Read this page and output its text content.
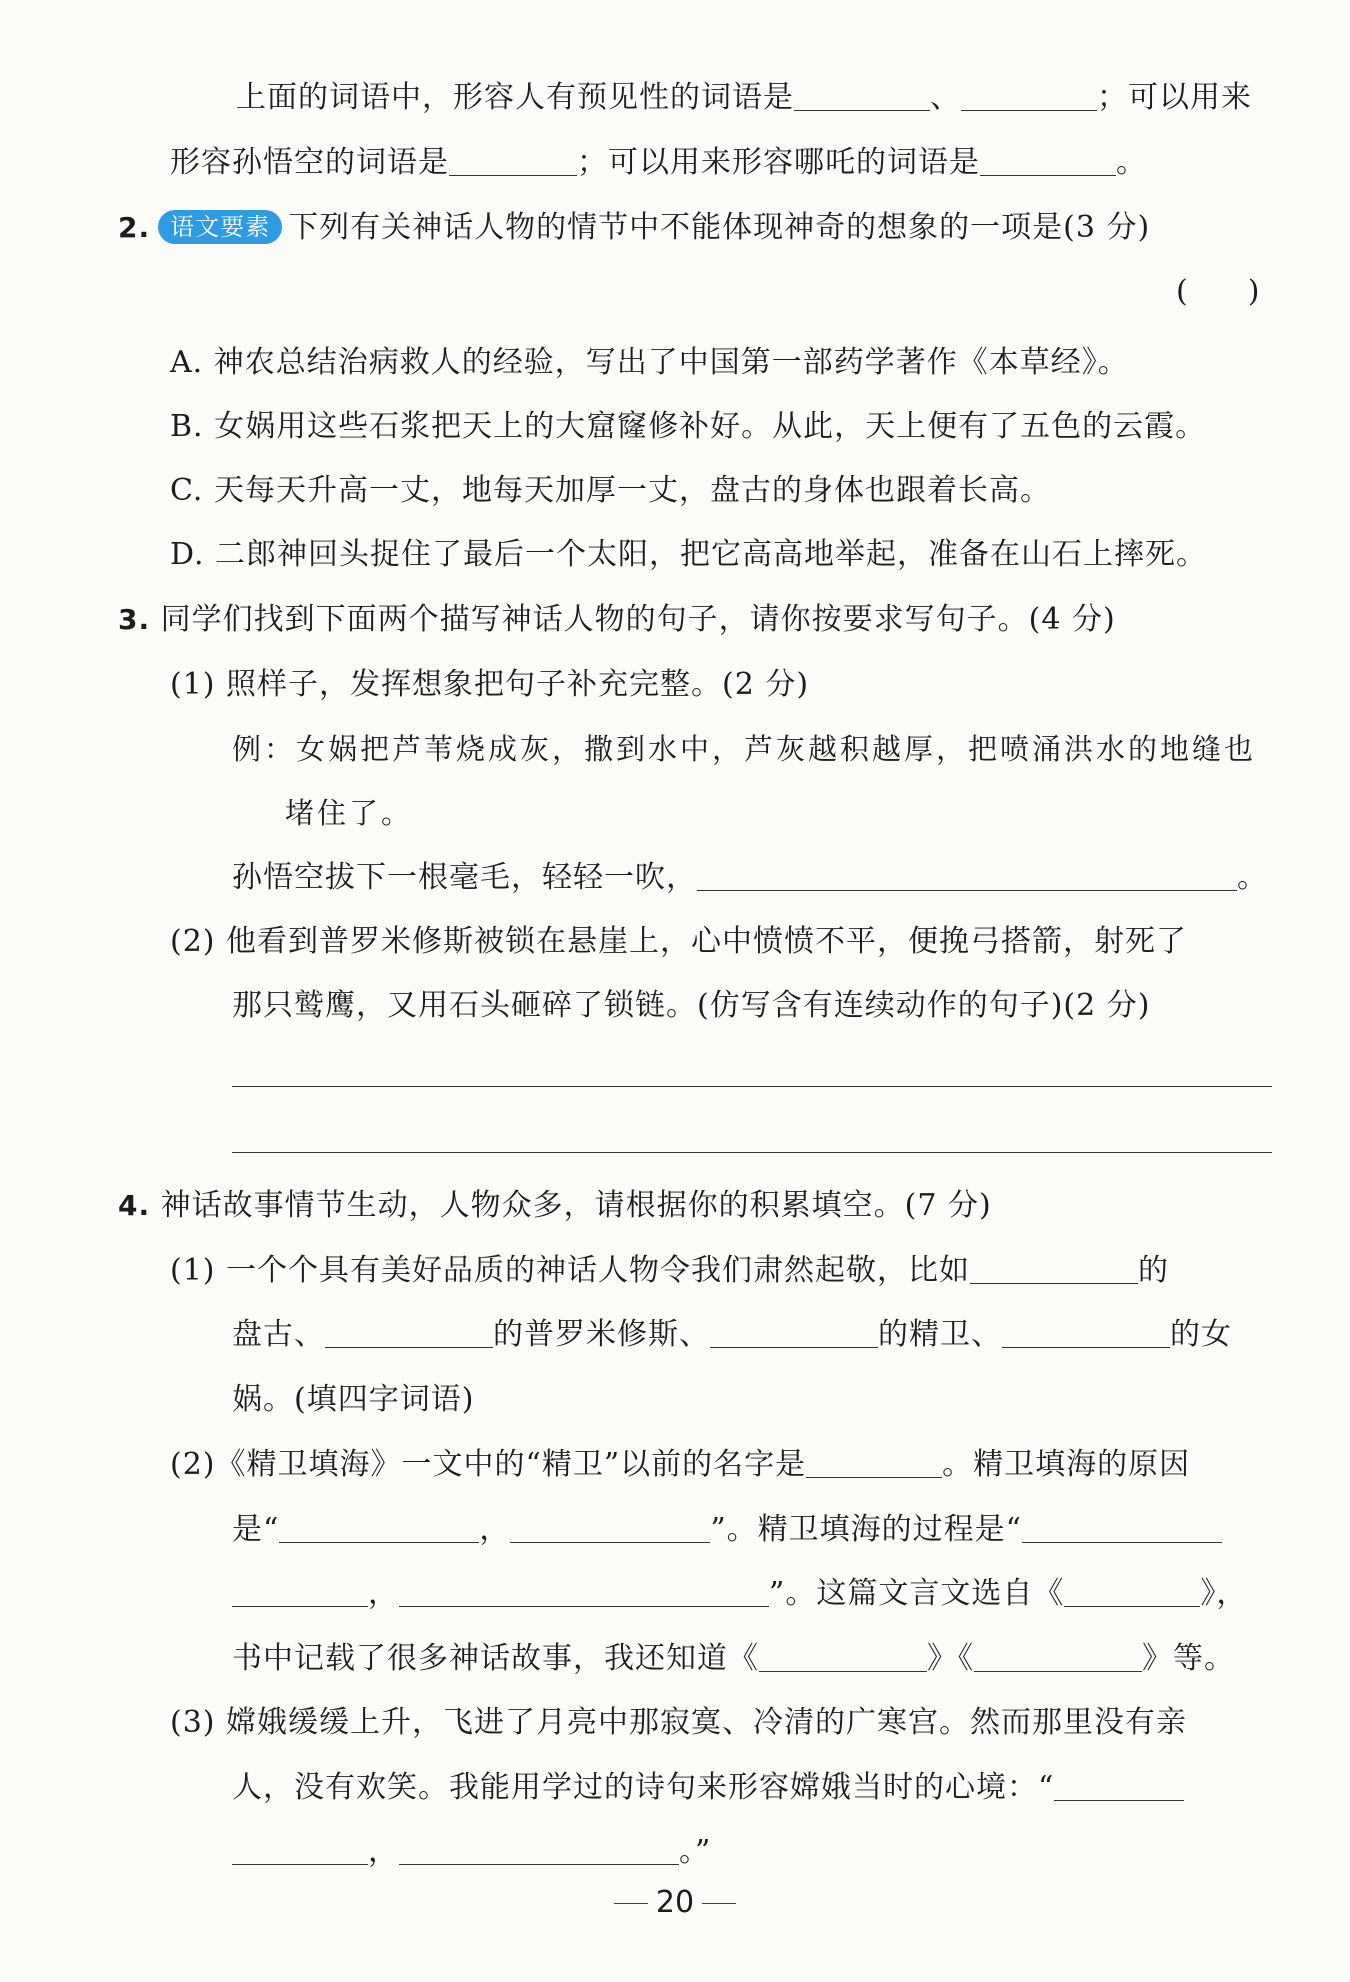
上面的词语中，形容人有预见性的词语是	、	；可以用来
形容孙悟空的词语是	；可以用来形容哪吒的词语是	。
2. 语文要素 下列有关神话人物的情节中不能体现神奇的想象的一项是(3 分)
(　　)
A. 神农总结治病救人的经验，写出了中国第一部药学著作《本草经》。
B. 女娲用这些石浆把天上的大窟窿修补好。从此，天上便有了五色的云霞。
C. 天每天升高一丈，地每天加厚一丈，盘古的身体也跟着长高。
D. 二郎神回头捉住了最后一个太阳，把它高高地举起，准备在山石上摔死。
3. 同学们找到下面两个描写神话人物的句子，请你按要求写句子。(4 分)
(1) 照样子，发挥想象把句子补充完整。(2 分)
例：女娲把芦苇烧成灰，撒到水中，芦灰越积越厚，把喷涌洪水的地缝也
堵住了。
孙悟空拔下一根毫毛，轻轻一吹，	。
(2) 他看到普罗米修斯被锁在悬崖上，心中愤愤不平，便挽弓搭箭，射死了
那只鹫鹰，又用石头砸碎了锁链。(仿写含有连续动作的句子)(2 分)
4. 神话故事情节生动，人物众多，请根据你的积累填空。(7 分)
(1) 一个个具有美好品质的神话人物令我们肃然起敬，比如	的
盘古、	的普罗米修斯、	的精卫、	的女
娲。(填四字词语)
(2)《精卫填海》一文中的“精卫”以前的名字是	。精卫填海的原因
是“	，	”。精卫填海的过程是“
，	”。这篇文言文选自《	》，
书中记载了很多神话故事，我还知道《	》《	》等。
(3) 嫦娥缓缓上升，飞进了月亮中那寂寞、冷清的广寒宫。然而那里没有亲
人，没有欢笑。我能用学过的诗句来形容嫦娥当时的心境：“
，	。”
20
